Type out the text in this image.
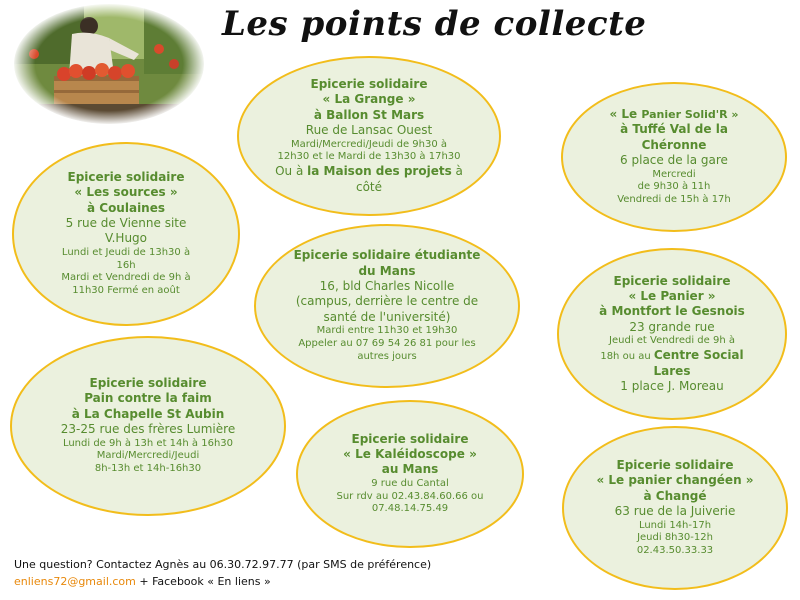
Les points de collecte
Epicerie solidaire
« La Grange »
à Ballon St Mars
Rue de Lansac Ouest
Mardi/Mercredi/Jeudi de 9h30 à
12h30 et le Mardi de 13h30 à 17h30
Ou à la Maison des projets à
côté
Epicerie solidaire
« Les sources »
à Coulaines
5 rue de Vienne site
V.Hugo
Lundi et Jeudi de 13h30 à
16h
Mardi et Vendredi de 9h à
11h30 Fermé en août
« Le Panier Solid'R »
à Tuffé Val de la
Chéronne
6 place de la gare
Mercredi
de 9h30 à 11h
Vendredi de 15h à 17h
Epicerie solidaire étudiante
du Mans
16, bld Charles Nicolle
(campus, derrière le centre de
santé de l'université)
Mardi entre 11h30 et 19h30
Appeler au 07 69 54 26 81 pour les
autres jours
Epicerie solidaire
« Le Panier »
à Montfort le Gesnois
23 grande rue
Jeudi et Vendredi de 9h à
18h ou au Centre Social
Lares
1 place J. Moreau
Epicerie solidaire
Pain contre la faim
à La Chapelle St Aubin
23-25 rue des frères Lumière
Lundi de 9h à 13h et 14h à 16h30
Mardi/Mercredi/Jeudi
8h-13h et 14h-16h30
Epicerie solidaire
« Le Kaléidoscope »
au Mans
9 rue du Cantal
Sur rdv au 02.43.84.60.66 ou
07.48.14.75.49
Epicerie solidaire
« Le panier changéen »
à Changé
63 rue de la Juiverie
Lundi 14h-17h
Jeudi 8h30-12h
02.43.50.33.33
Une question? Contactez Agnès au 06.30.72.97.77 (par SMS de préférence)
enliens72@gmail.com + Facebook « En liens »
